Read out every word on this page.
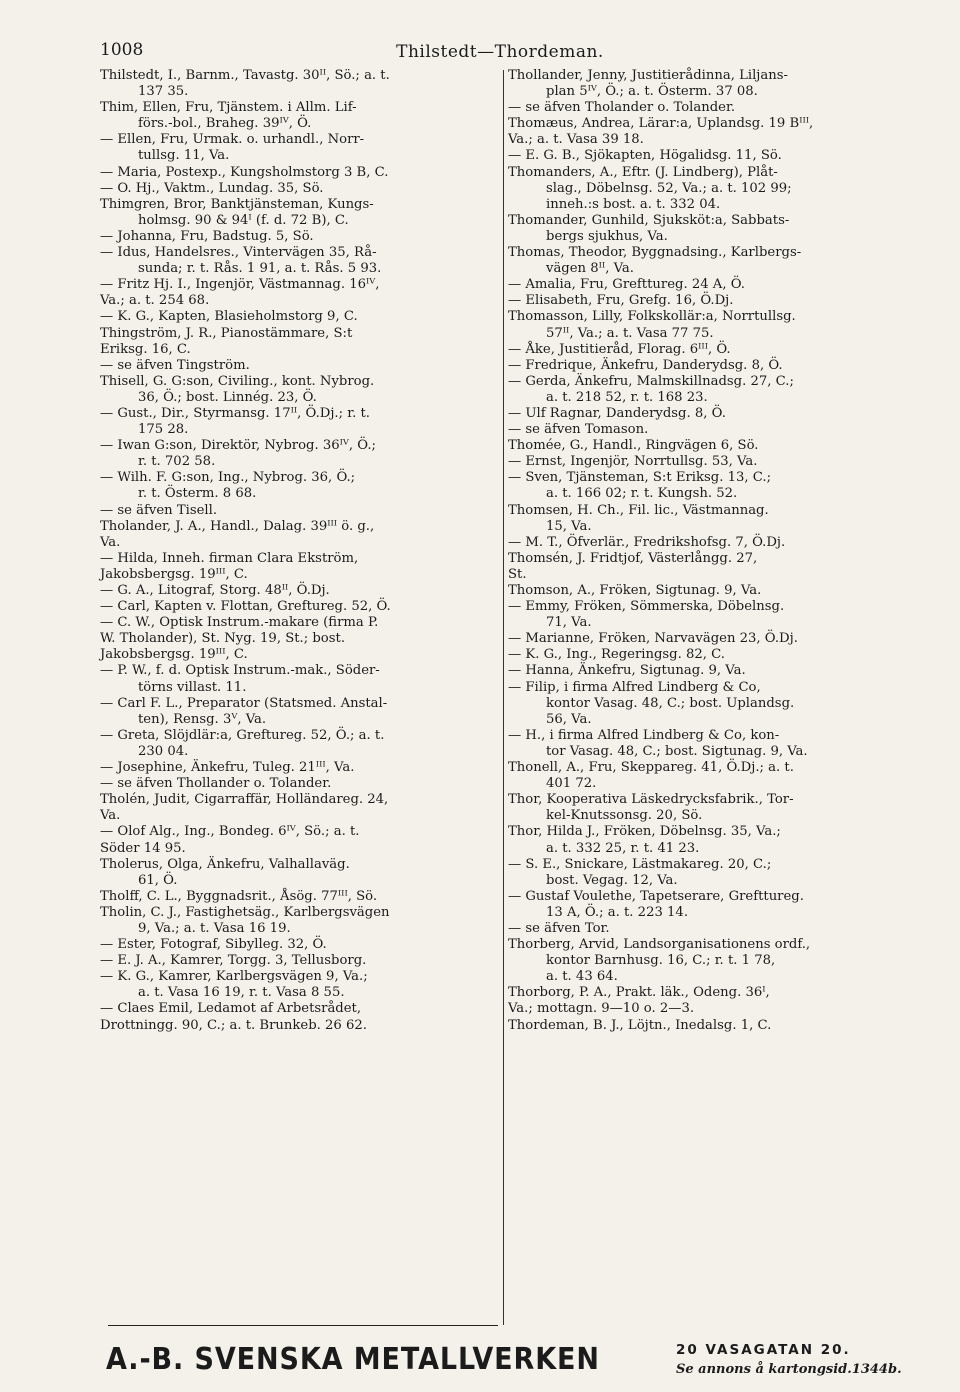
1008	Thilstedt—Thordeman.
Thilstedt, I., Barnm., Tavastg. 30ᴵᴵ, Sö.; a. t.
137 35.
Thim, Ellen, Fru, Tjänstem. i Allm. Lif-
förs.-bol., Braheg. 39ᴵⱽ, Ö.
— Ellen, Fru, Urmak. o. urhandl., Norr-
tullsg. 11, Va.
— Maria, Postexp., Kungsholmstorg 3 B, C.
— O. Hj., Vaktm., Lundag. 35, Sö.
Thimgren, Bror, Banktjänsteman, Kungs-
holmsg. 90 & 94ᴵ (f. d. 72 B), C.
— Johanna, Fru, Badstug. 5, Sö.
— Idus, Handelsres., Vintervägen 35, Rå-
sunda; r. t. Rås. 1 91, a. t. Rås. 5 93.
— Fritz Hj. I., Ingenjör, Västmannag. 16ᴵⱽ,
Va.; a. t. 254 68.
— K. G., Kapten, Blasieholmstorg 9, C.
Thingström, J. R., Pianostämmare, S:t
Eriksg. 16, C.
— se äfven Tingström.
Thisell, G. G:son, Civiling., kont. Nybrog.
36, Ö.; bost. Linnég. 23, Ö.
— Gust., Dir., Styrmansg. 17ᴵᴵ, Ö.Dj.; r. t.
175 28.
— Iwan G:son, Direktör, Nybrog. 36ᴵⱽ, Ö.;
r. t. 702 58.
— Wilh. F. G:son, Ing., Nybrog. 36, Ö.;
r. t. Österm. 8 68.
— se äfven Tisell.
Tholander, J. A., Handl., Dalag. 39ᴵᴵᴵ ö. g.,
Va.
— Hilda, Inneh. firman Clara Ekström,
Jakobsbergsg. 19ᴵᴵᴵ, C.
— G. A., Litograf, Storg. 48ᴵᴵ, Ö.Dj.
— Carl, Kapten v. Flottan, Greftureg. 52, Ö.
— C. W., Optisk Instrum.-makare (firma P.
W. Tholander), St. Nyg. 19, St.; bost.
Jakobsbergsg. 19ᴵᴵᴵ, C.
— P. W., f. d. Optisk Instrum.-mak., Söder-
törns villast. 11.
— Carl F. L., Preparator (Statsmed. Anstal-
ten), Rensg. 3ⱽ, Va.
— Greta, Slöjdlär:a, Greftureg. 52, Ö.; a. t.
230 04.
— Josephine, Änkefru, Tuleg. 21ᴵᴵᴵ, Va.
— se äfven Thollander o. Tolander.
Tholén, Judit, Cigarraffär, Holländareg. 24,
Va.
— Olof Alg., Ing., Bondeg. 6ᴵⱽ, Sö.; a. t.
Söder 14 95.
Tholerus, Olga, Änkefru, Valhallaväg.
61, Ö.
Tholff, C. L., Byggnadsrit., Åsög. 77ᴵᴵᴵ, Sö.
Tholin, C. J., Fastighetsäg., Karlbergsvägen
9, Va.; a. t. Vasa 16 19.
— Ester, Fotograf, Sibylleg. 32, Ö.
— E. J. A., Kamrer, Torgg. 3, Tellusborg.
— K. G., Kamrer, Karlbergsvägen 9, Va.;
a. t. Vasa 16 19, r. t. Vasa 8 55.
— Claes Emil, Ledamot af Arbetsrådet,
Drottningg. 90, C.; a. t. Brunkeb. 26 62.
Thollander, Jenny, Justitierådinna, Liljans-
plan 5ᴵⱽ, Ö.; a. t. Österm. 37 08.
— se äfven Tholander o. Tolander.
Thomæus, Andrea, Lärar:a, Uplandsg. 19 Bᴵᴵᴵ,
Va.; a. t. Vasa 39 18.
— E. G. B., Sjökapten, Högalidsg. 11, Sö.
Thomanders, A., Eftr. (J. Lindberg), Plåt-
slag., Döbelnsg. 52, Va.; a. t. 102 99;
inneh.:s bost. a. t. 332 04.
Thomander, Gunhild, Sjuksköt:a, Sabbats-
bergs sjukhus, Va.
Thomas, Theodor, Byggnadsing., Karlbergs-
vägen 8ᴵᴵ, Va.
— Amalia, Fru, Grefttureg. 24 A, Ö.
— Elisabeth, Fru, Grefg. 16, Ö.Dj.
Thomasson, Lilly, Folkskollär:a, Norrtullsg.
57ᴵᴵ, Va.; a. t. Vasa 77 75.
— Åke, Justitieråd, Florag. 6ᴵᴵᴵ, Ö.
— Fredrique, Änkefru, Danderydsg. 8, Ö.
— Gerda, Änkefru, Malmskillnadsg. 27, C.;
a. t. 218 52, r. t. 168 23.
— Ulf Ragnar, Danderydsg. 8, Ö.
— se äfven Tomason.
Thomée, G., Handl., Ringvägen 6, Sö.
— Ernst, Ingenjör, Norrtullsg. 53, Va.
— Sven, Tjänsteman, S:t Eriksg. 13, C.;
a. t. 166 02; r. t. Kungsh. 52.
Thomsen, H. Ch., Fil. lic., Västmannag.
15, Va.
— M. T., Öfverlär., Fredrikshofsg. 7, Ö.Dj.
Thomsén, J. Fridtjof, Västerlångg. 27,
St.
Thomson, A., Fröken, Sigtunag. 9, Va.
— Emmy, Fröken, Sömmerska, Döbelnsg.
71, Va.
— Marianne, Fröken, Narvavägen 23, Ö.Dj.
— K. G., Ing., Regeringsg. 82, C.
— Hanna, Änkefru, Sigtunag. 9, Va.
— Filip, i firma Alfred Lindberg & Co,
kontor Vasag. 48, C.; bost. Uplandsg.
56, Va.
— H., i firma Alfred Lindberg & Co, kon-
tor Vasag. 48, C.; bost. Sigtunag. 9, Va.
Thonell, A., Fru, Skeppareg. 41, Ö.Dj.; a. t.
401 72.
Thor, Kooperativa Läskedrycksfabrik., Tor-
kel-Knutssonsg. 20, Sö.
Thor, Hilda J., Fröken, Döbelnsg. 35, Va.;
a. t. 332 25, r. t. 41 23.
— S. E., Snickare, Lästmakareg. 20, C.;
bost. Vegag. 12, Va.
— Gustaf Voulethe, Tapetserare, Grefttureg.
13 A, Ö.; a. t. 223 14.
— se äfven Tor.
Thorberg, Arvid, Landsorganisationens ordf.,
kontor Barnhusg. 16, C.; r. t. 1 78,
a. t. 43 64.
Thorborg, P. A., Prakt. läk., Odeng. 36ᴵ,
Va.; mottagn. 9—10 o. 2—3.
Thordeman, B. J., Löjtn., Inedalsg. 1, C.
A.-B. SVENSKA METALLVERKEN	20 VASAGATAN 20.
Se annons å kartongsid.1344b.
